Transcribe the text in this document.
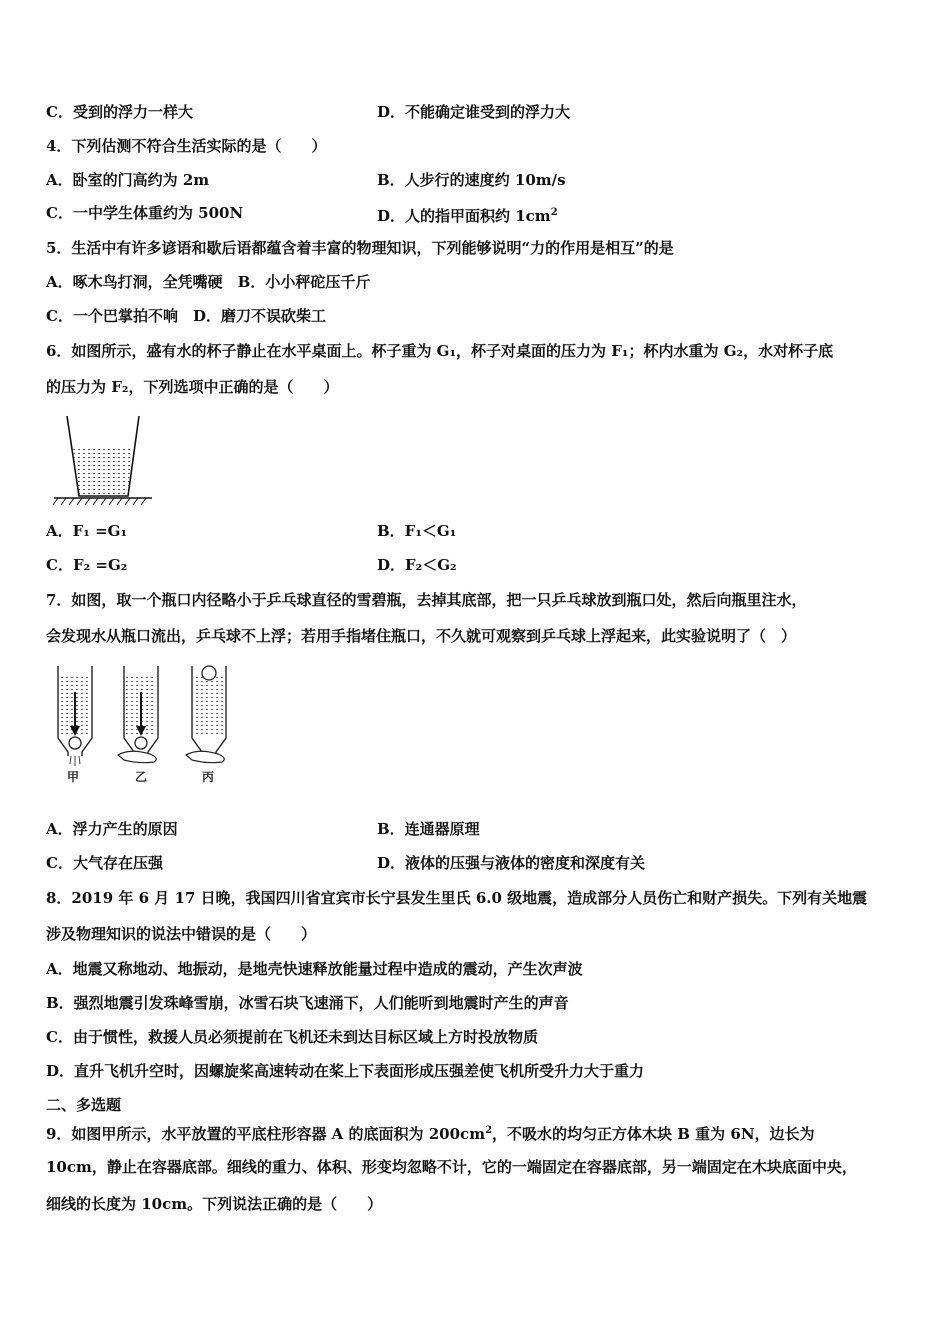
C．受到的浮力一样大	D．不能确定谁受到的浮力大
4．下列估测不符合生活实际的是（　　）
A．卧室的门高约为 2m	B．人步行的速度约 10m/s
C．一中学生体重约为 500N	D．人的指甲面积约 $1cm^2$
5．生活中有许多谚语和歇后语都蕴含着丰富的物理知识，下列能够说明“力的作用是相互”的是
A．啄木鸟打洞，全凭嘴硬　B．小小秤砣压千斤
C．一个巴掌拍不响　D．磨刀不误砍柴工
6．如图所示，盛有水的杯子静止在水平桌面上。杯子重为 G₁，杯子对桌面的压力为 F₁；杯内水重为 G₂，水对杯子底
的压力为 F₂，下列选项中正确的是（　　）
A．F₁ =G₁	B．F₁＜G₁
C．F₂ =G₂	D．F₂＜G₂
7．如图，取一个瓶口内径略小于乒乓球直径的雪碧瓶，去掉其底部，把一只乒乓球放到瓶口处，然后向瓶里注水，
会发现水从瓶口流出，乒乓球不上浮；若用手指堵住瓶口，不久就可观察到乒乓球上浮起来，此实验说明了（　）
甲	乙	丙
A．浮力产生的原因	B．连通器原理
C．大气存在压强	D．液体的压强与液体的密度和深度有关
8．2019 年 6 月 17 日晚，我国四川省宜宾市长宁县发生里氏 6.0 级地震，造成部分人员伤亡和财产损失。下列有关地震
涉及物理知识的说法中错误的是（　　）
A．地震又称地动、地振动，是地壳快速释放能量过程中造成的震动，产生次声波
B．强烈地震引发珠峰雪崩，冰雪石块飞速涌下，人们能听到地震时产生的声音
C．由于惯性，救援人员必须提前在飞机还未到达目标区域上方时投放物质
D．直升飞机升空时，因螺旋桨高速转动在桨上下表面形成压强差使飞机所受升力大于重力
二、多选题
9．如图甲所示，水平放置的平底柱形容器 A 的底面积为 $200cm^2$，不吸水的均匀正方体木块 B 重为 6N，边长为
10cm，静止在容器底部。细线的重力、体积、形变均忽略不计，它的一端固定在容器底部，另一端固定在木块底面中央，
细线的长度为 10cm。下列说法正确的是（　　）
